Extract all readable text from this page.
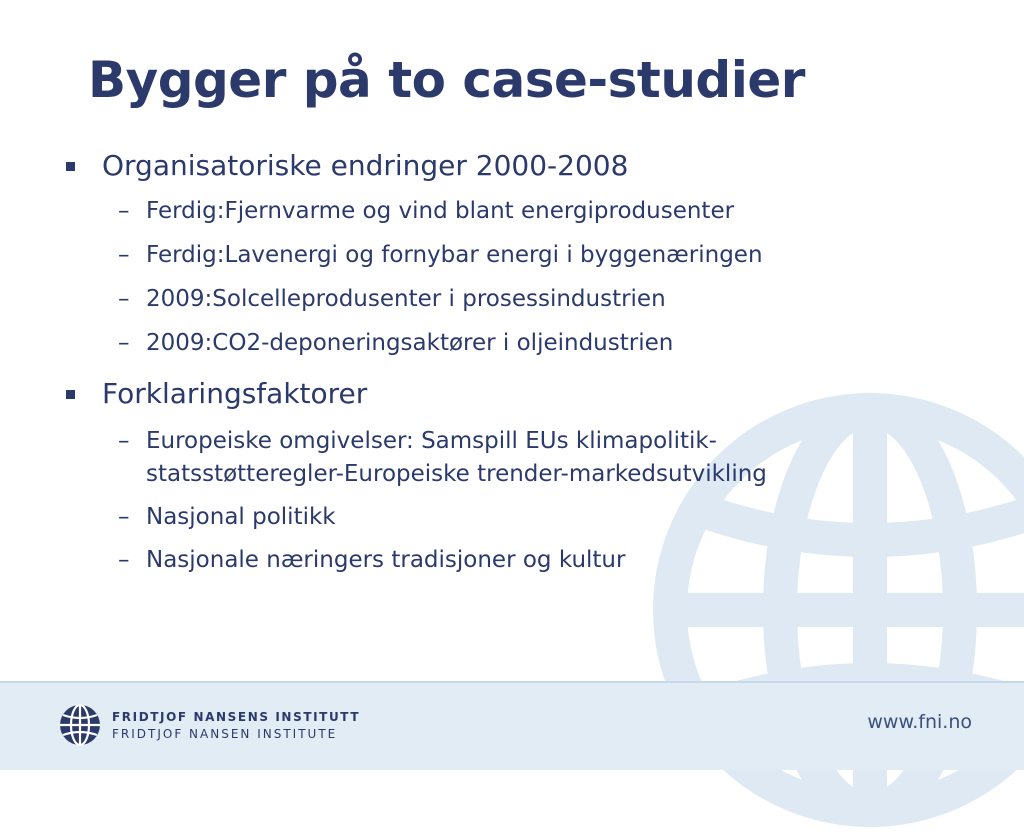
Bygger på to case-studier
Organisatoriske endringer 2000-2008
– Ferdig:Fjernvarme og vind blant energiprodusenter
– Ferdig:Lavenergi og fornybar energi i byggenæringen
– 2009:Solcelleprodusenter i prosessindustrien
– 2009:CO2-deponeringsaktører i oljeindustrien
Forklaringsfaktorer
– Europeiske omgivelser: Samspill EUs klimapolitik-
statsstøtteregler-Europeiske trender-markedsutvikling
– Nasjonal politikk
– Nasjonale næringers tradisjoner og kultur
FRIDTJOF NANSENS INSTITUTT
FRIDTJOF NANSEN INSTITUTE
www.fni.no
